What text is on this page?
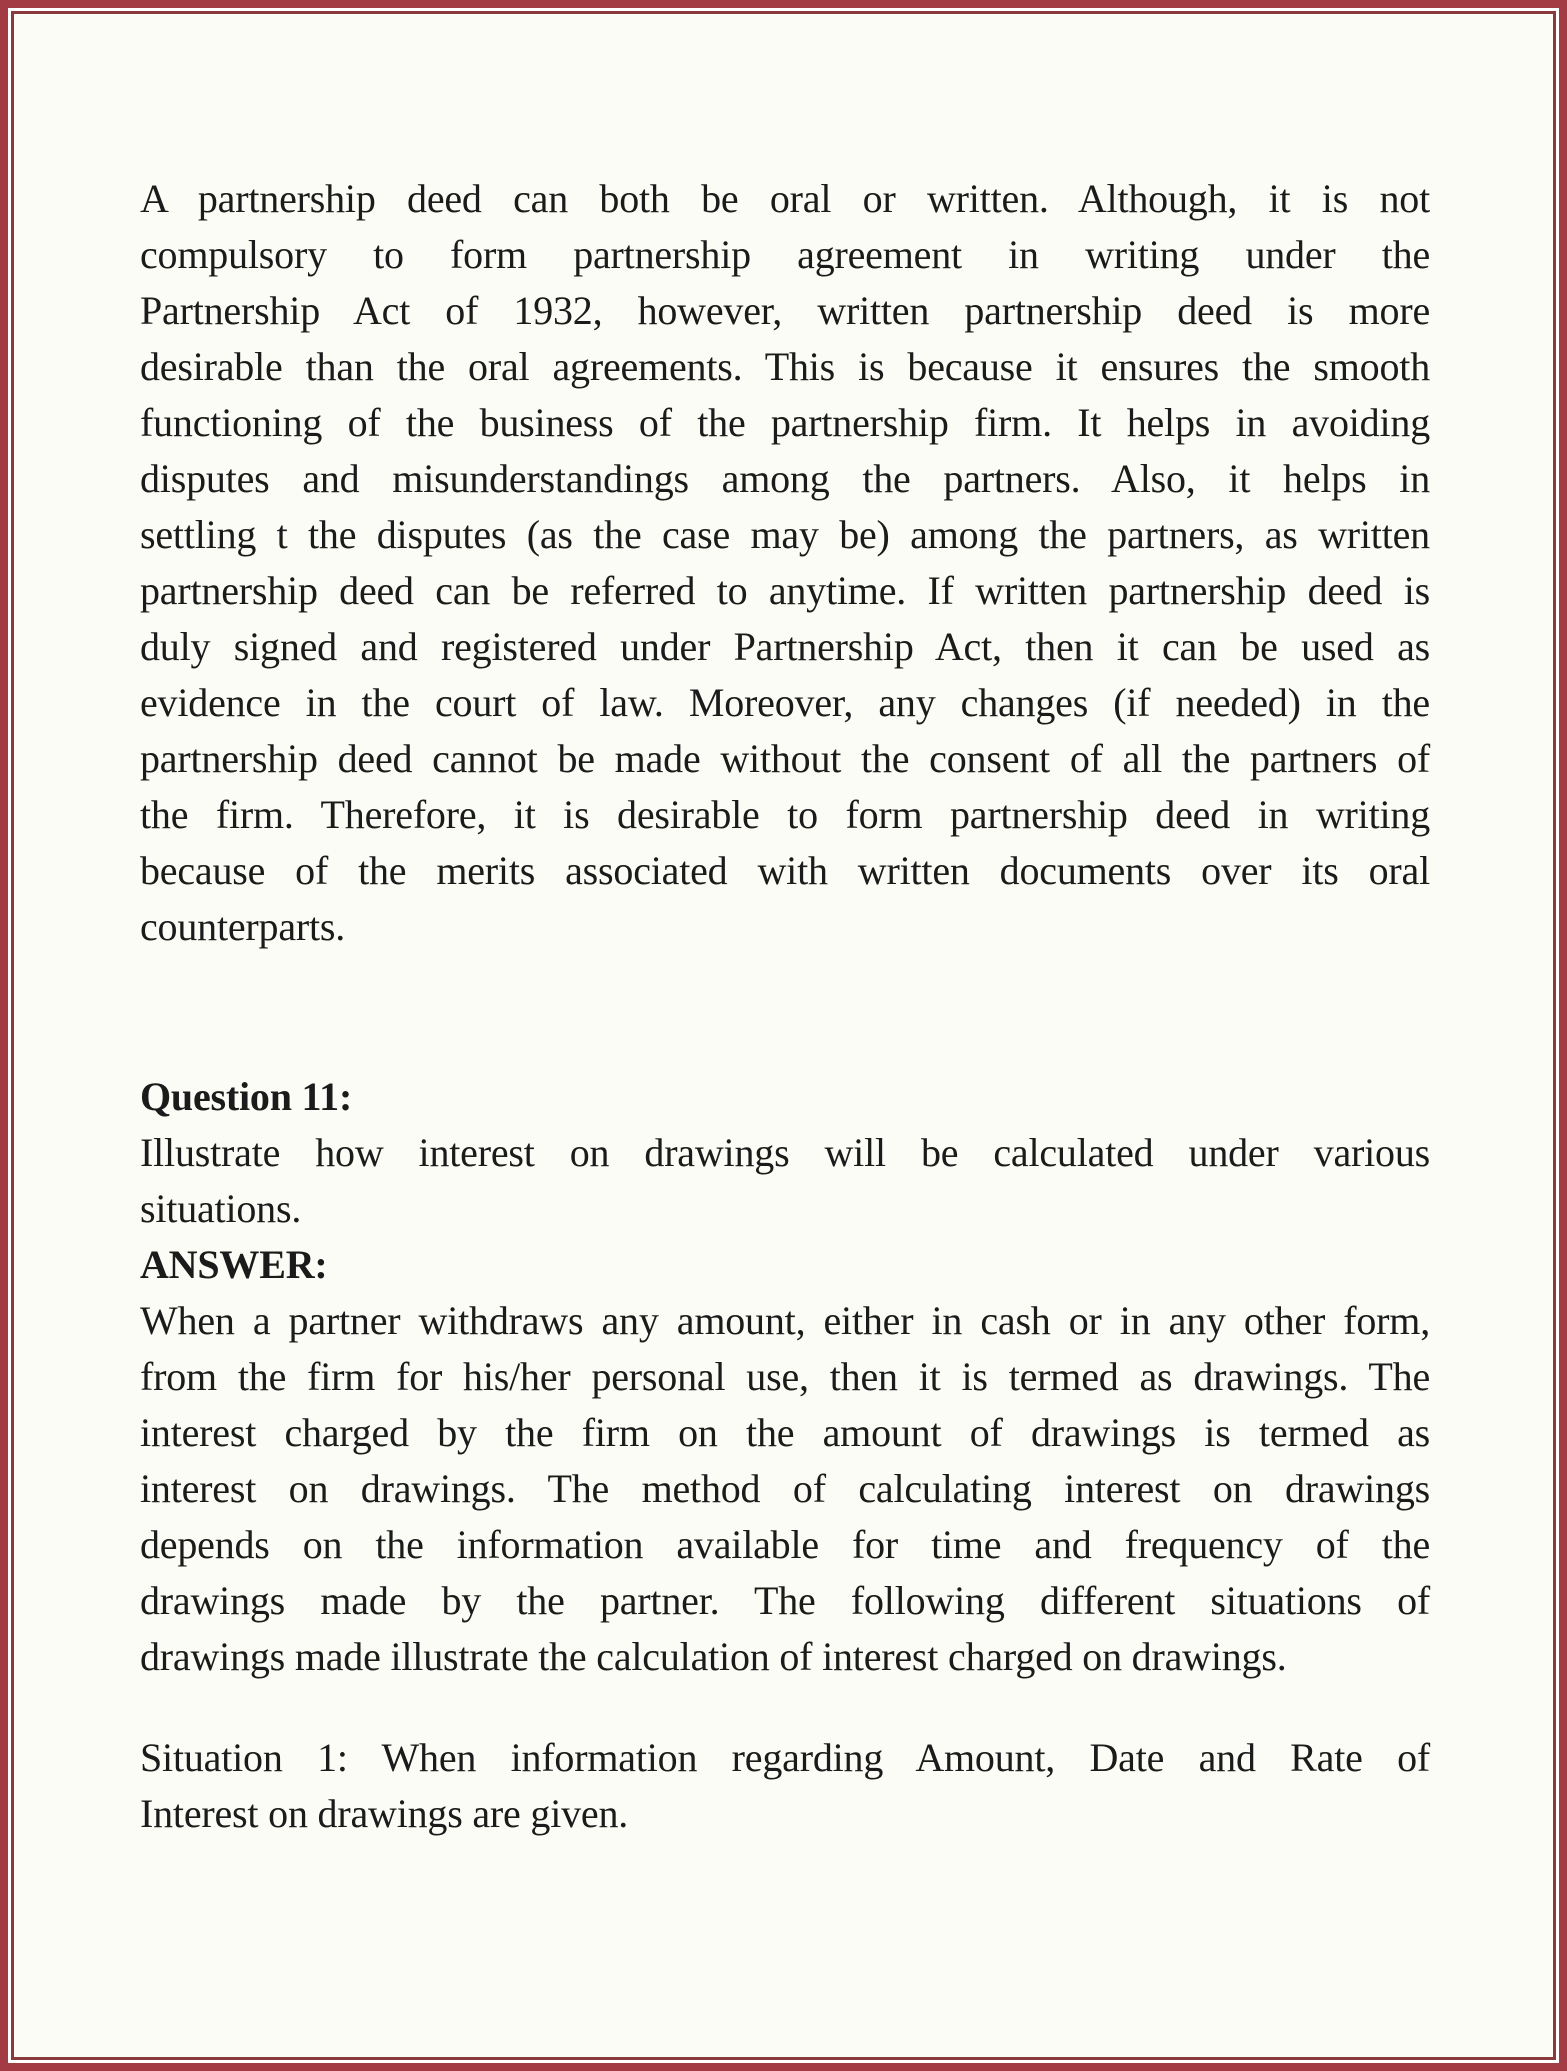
A partnership deed can both be oral or written. Although, it is not
compulsory to form partnership agreement in writing under the
Partnership Act of 1932, however, written partnership deed is more
desirable than the oral agreements. This is because it ensures the smooth
functioning of the business of the partnership firm. It helps in avoiding
disputes and misunderstandings among the partners. Also, it helps in
settling t the disputes (as the case may be) among the partners, as written
partnership deed can be referred to anytime. If written partnership deed is
duly signed and registered under Partnership Act, then it can be used as
evidence in the court of law. Moreover, any changes (if needed) in the
partnership deed cannot be made without the consent of all the partners of
the firm. Therefore, it is desirable to form partnership deed in writing
because of the merits associated with written documents over its oral
counterparts.
Question 11:
Illustrate how interest on drawings will be calculated under various
situations.
ANSWER:
When a partner withdraws any amount, either in cash or in any other form,
from the firm for his/her personal use, then it is termed as drawings. The
interest charged by the firm on the amount of drawings is termed as
interest on drawings. The method of calculating interest on drawings
depends on the information available for time and frequency of the
drawings made by the partner. The following different situations of
drawings made illustrate the calculation of interest charged on drawings.
Situation 1: When information regarding Amount, Date and Rate of
Interest on drawings are given.
